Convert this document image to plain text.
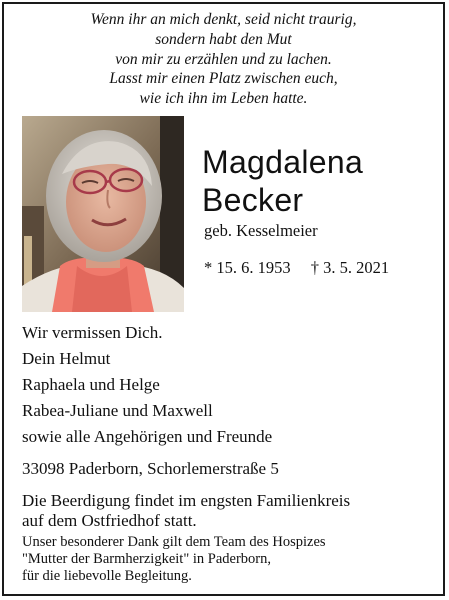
Wenn ihr an mich denkt, seid nicht traurig,
sondern habt den Mut
von mir zu erzählen und zu lachen.
Lasst mir einen Platz zwischen euch,
wie ich ihn im Leben hatte.
Magdalena
Becker
geb. Kesselmeier
* 15. 6. 1953 † 3. 5. 2021
Wir vermissen Dich.
Dein Helmut
Raphaela und Helge
Rabea-Juliane und Maxwell
sowie alle Angehörigen und Freunde
33098 Paderborn, Schorlemerstraße 5
Die Beerdigung findet im engsten Familienkreis
auf dem Ostfriedhof statt.
Unser besonderer Dank gilt dem Team des Hospizes
"Mutter der Barmherzigkeit" in Paderborn,
für die liebevolle Begleitung.
